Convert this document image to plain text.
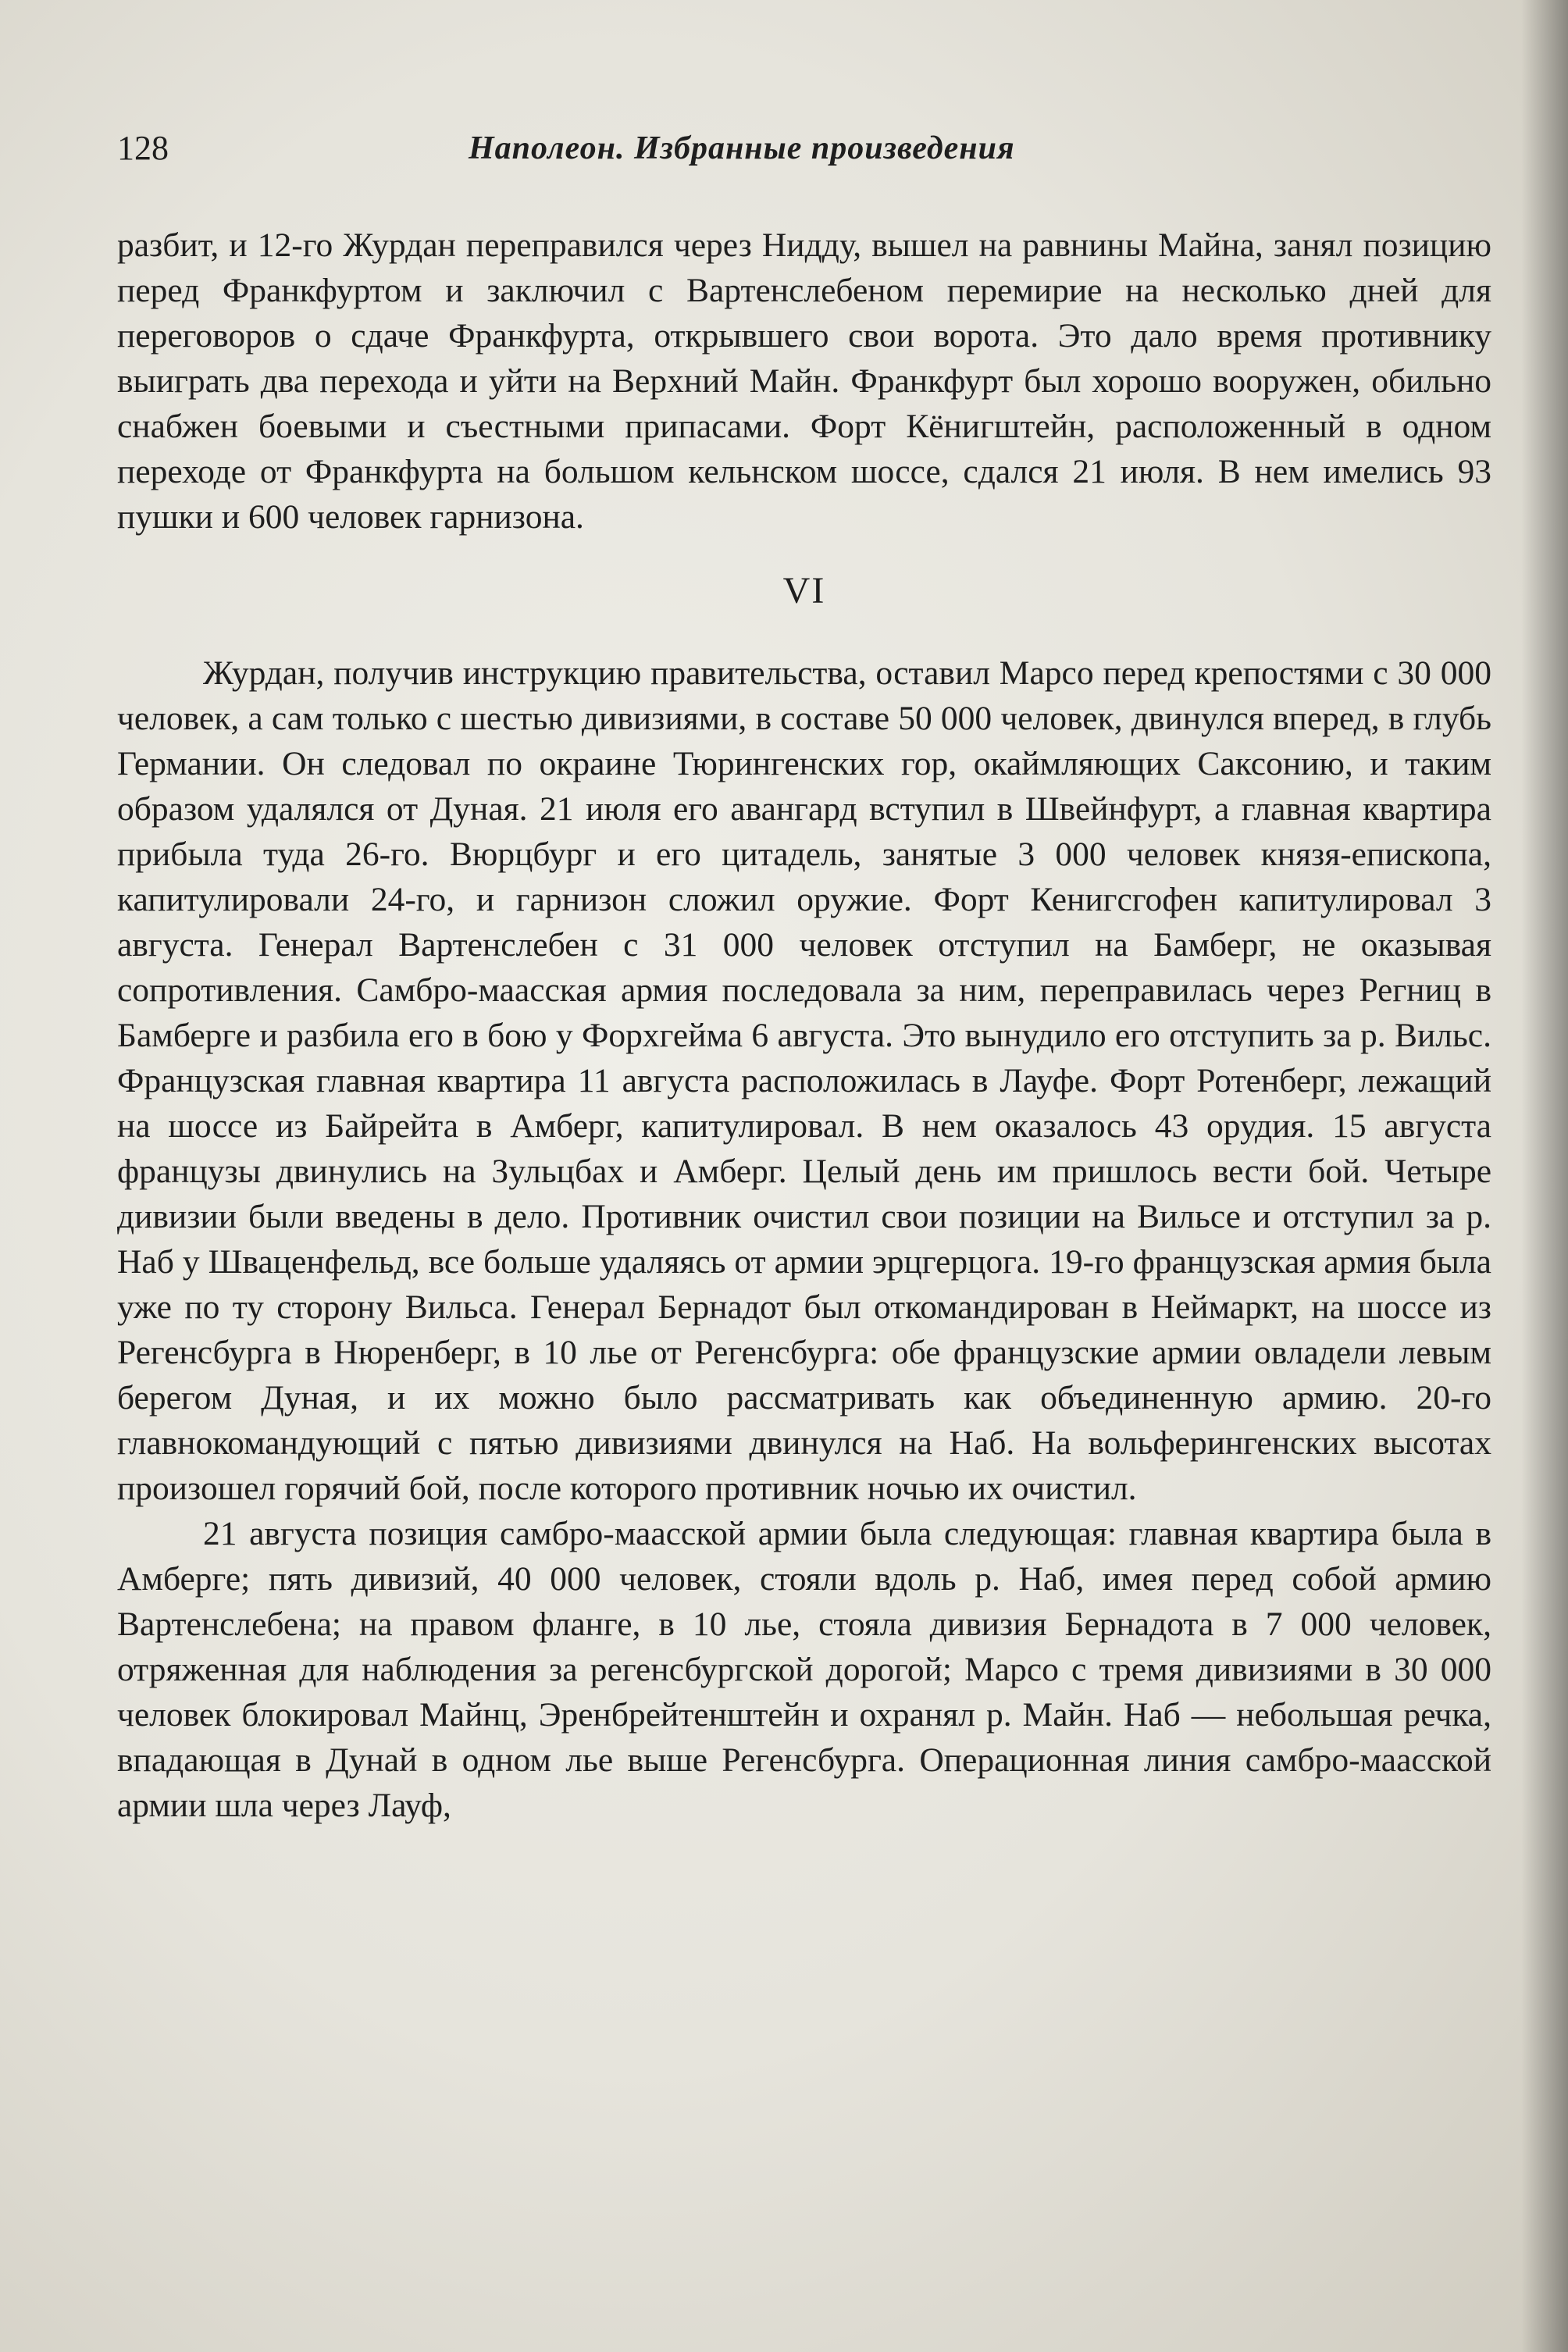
128	Наполеон. Избранные произведения

разбит, и 12-го Журдан переправился через Нидду, вышел на равнины Майна, занял позицию перед Франкфуртом и заключил с Вартенслебеном перемирие на несколько дней для переговоров о сдаче Франкфурта, открывшего свои ворота. Это дало время противнику выиграть два перехода и уйти на Верхний Майн. Франкфурт был хорошо вооружен, обильно снабжен боевыми и съестными припасами. Форт Кёнигштейн, расположенный в одном переходе от Франкфурта на большом кельнском шоссе, сдался 21 июля. В нем имелись 93 пушки и 600 человек гарнизона.

VI

Журдан, получив инструкцию правительства, оставил Марсо перед крепостями с 30 000 человек, а сам только с шестью дивизиями, в составе 50 000 человек, двинулся вперед, в глубь Германии. Он следовал по окраине Тюрингенских гор, окаймляющих Саксонию, и таким образом удалялся от Дуная. 21 июля его авангард вступил в Швейнфурт, а главная квартира прибыла туда 26-го. Вюрцбург и его цитадель, занятые 3 000 человек князя-епископа, капитулировали 24-го, и гарнизон сложил оружие. Форт Кенигсгофен капитулировал 3 августа. Генерал Вартенслебен с 31 000 человек отступил на Бамберг, не оказывая сопротивления. Самбро-маасская армия последовала за ним, переправилась через Регниц в Бамберге и разбила его в бою у Форхгейма 6 августа. Это вынудило его отступить за р. Вильс. Французская главная квартира 11 августа расположилась в Лауфе. Форт Ротенберг, лежащий на шоссе из Байрейта в Амберг, капитулировал. В нем оказалось 43 орудия. 15 августа французы двинулись на Зульцбах и Амберг. Целый день им пришлось вести бой. Четыре дивизии были введены в дело. Противник очистил свои позиции на Вильсе и отступил за р. Наб у Шваценфельд, все больше удаляясь от армии эрцгерцога. 19-го французская армия была уже по ту сторону Вильса. Генерал Бернадот был откомандирован в Неймаркт, на шоссе из Регенсбурга в Нюренберг, в 10 лье от Регенсбурга: обе французские армии овладели левым берегом Дуная, и их можно было рассматривать как объединенную армию. 20-го главнокомандующий с пятью дивизиями двинулся на Наб. На вольферингенских высотах произошел горячий бой, после которого противник ночью их очистил.

21 августа позиция самбро-маасской армии была следующая: главная квартира была в Амберге; пять дивизий, 40 000 человек, стояли вдоль р. Наб, имея перед собой армию Вартенслебена; на правом фланге, в 10 лье, стояла дивизия Бернадота в 7 000 человек, отряженная для наблюдения за регенсбургской дорогой; Марсо с тремя дивизиями в 30 000 человек блокировал Майнц, Эренбрейтенштейн и охранял р. Майн. Наб — небольшая речка, впадающая в Дунай в одном лье выше Регенсбурга. Операционная линия самбро-маасской армии шла через Лауф,
